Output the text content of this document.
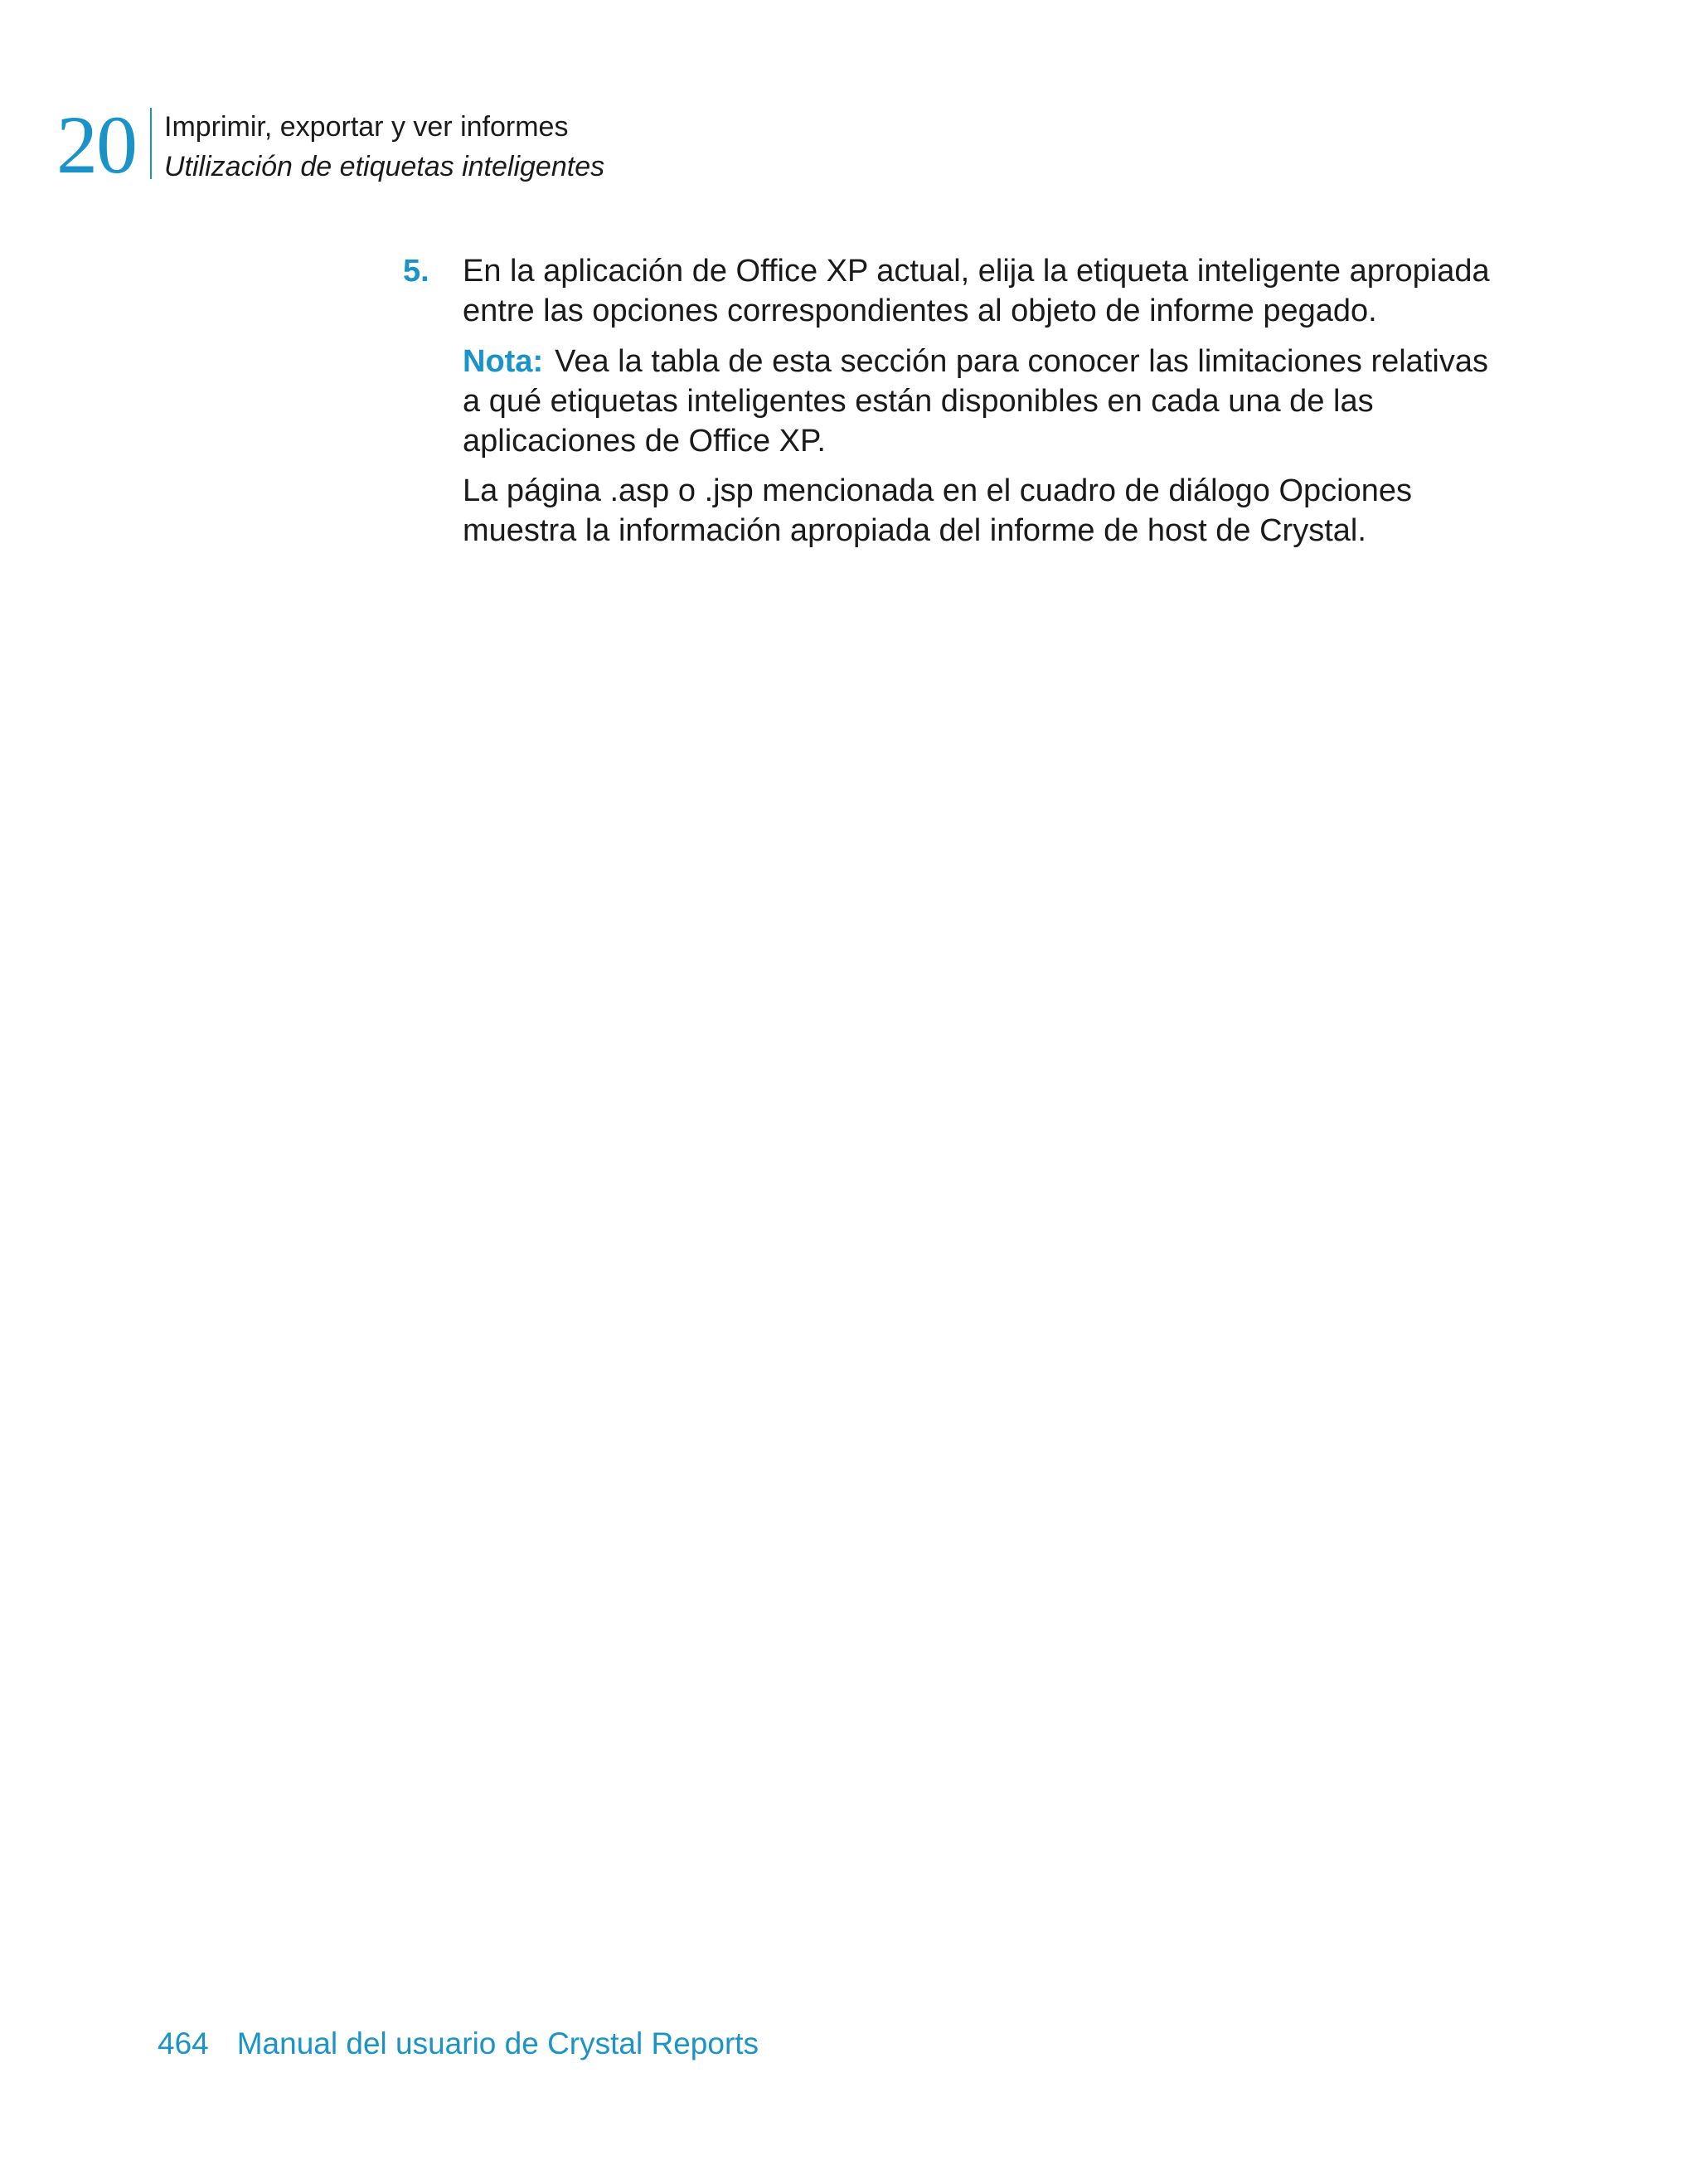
20 Imprimir, exportar y ver informes
Utilización de etiquetas inteligentes
5. En la aplicación de Office XP actual, elija la etiqueta inteligente apropiada entre las opciones correspondientes al objeto de informe pegado.

Nota: Vea la tabla de esta sección para conocer las limitaciones relativas a qué etiquetas inteligentes están disponibles en cada una de las aplicaciones de Office XP.

La página .asp o .jsp mencionada en el cuadro de diálogo Opciones muestra la información apropiada del informe de host de Crystal.

464 Manual del usuario de Crystal Reports
